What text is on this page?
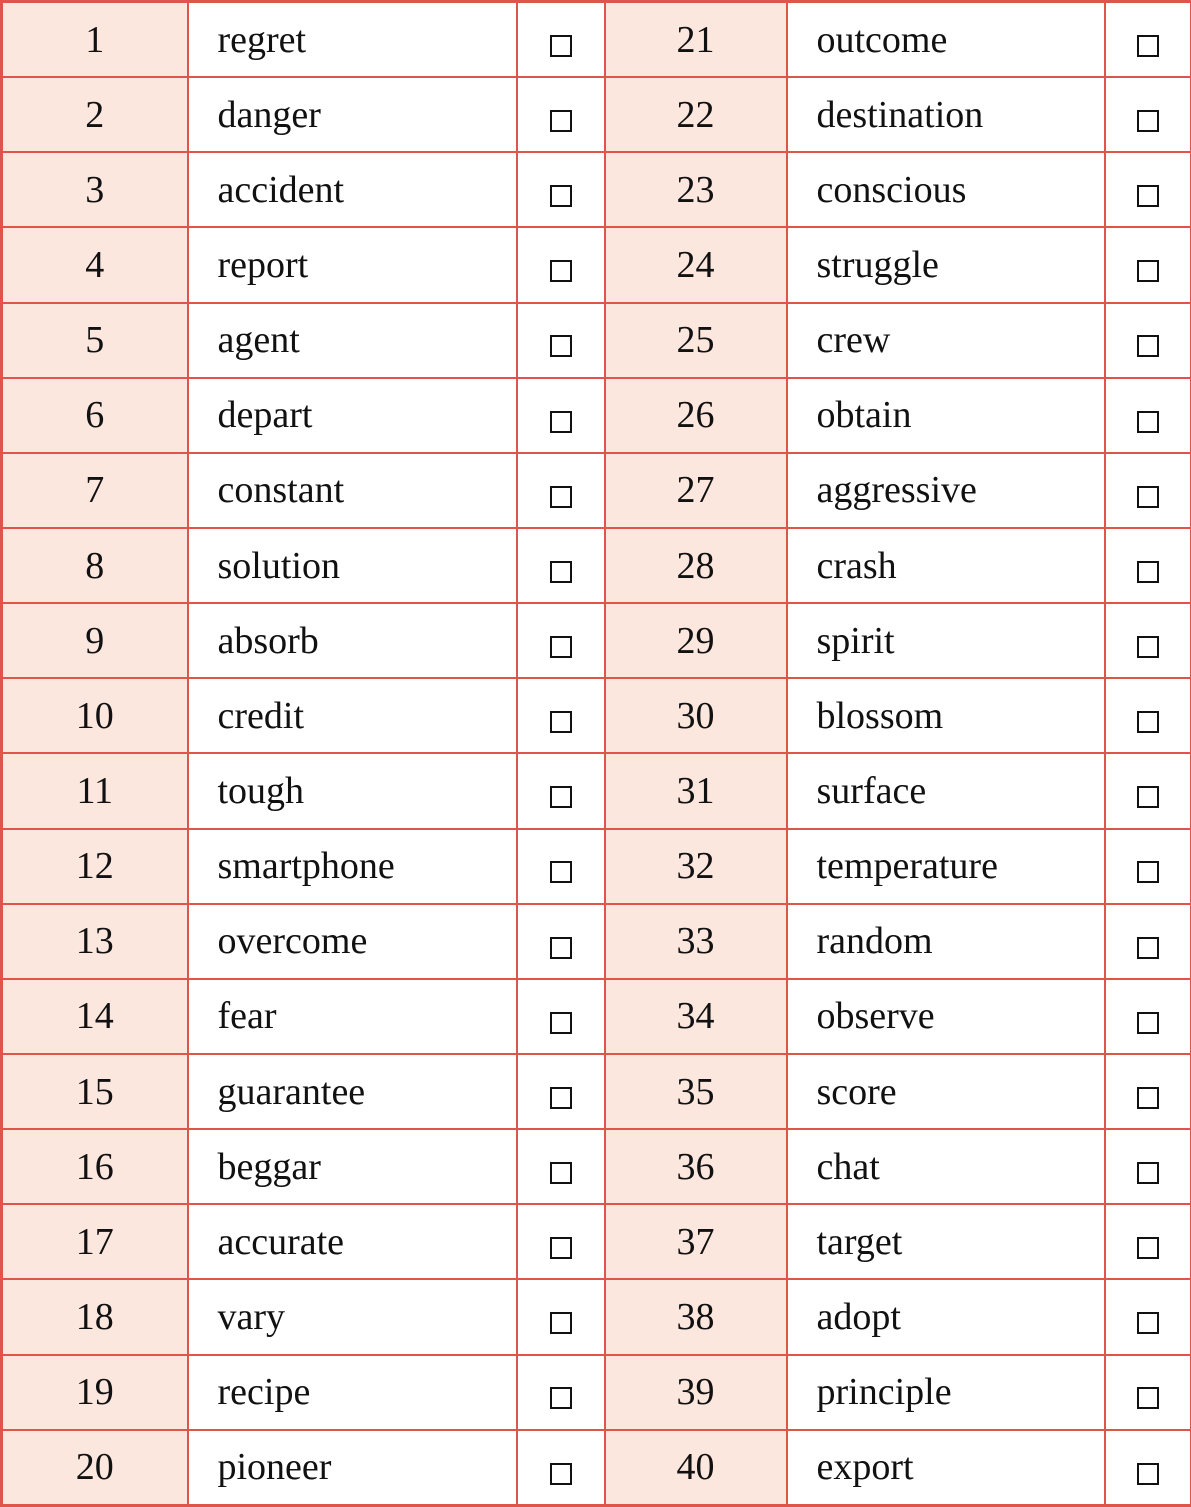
1	regret		21	outcome	
2	danger		22	destination	
3	accident		23	conscious	
4	report		24	struggle	
5	agent		25	crew	
6	depart		26	obtain	
7	constant		27	aggressive	
8	solution		28	crash	
9	absorb		29	spirit	
10	credit		30	blossom	
11	tough		31	surface	
12	smartphone		32	temperature	
13	overcome		33	random	
14	fear		34	observe	
15	guarantee		35	score	
16	beggar		36	chat	
17	accurate		37	target	
18	vary		38	adopt	
19	recipe		39	principle	
20	pioneer		40	export	
